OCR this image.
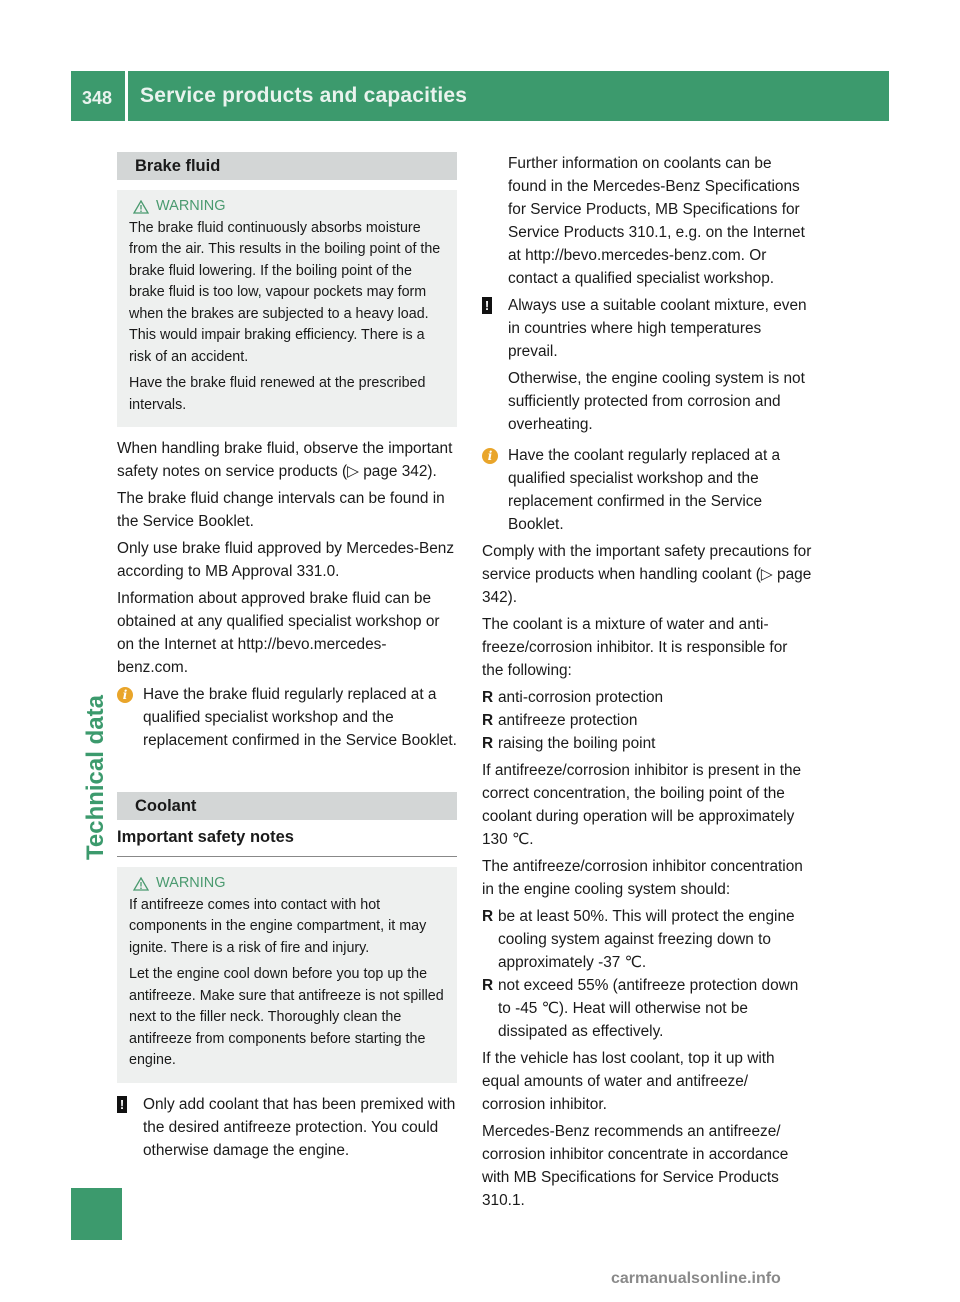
348 Service products and capacities
Technical data
Brake fluid
WARNING
The brake fluid continuously absorbs moisture from the air. This results in the boiling point of the brake fluid lowering. If the boiling point of the brake fluid is too low, vapour pockets may form when the brakes are subjected to a heavy load. This would impair braking efficiency. There is a risk of an accident.
Have the brake fluid renewed at the prescribed intervals.
When handling brake fluid, observe the important safety notes on service products (▷ page 342).
The brake fluid change intervals can be found in the Service Booklet.
Only use brake fluid approved by Mercedes-Benz according to MB Approval 331.0.
Information about approved brake fluid can be obtained at any qualified specialist workshop or on the Internet at http://bevo.mercedes-benz.com.
i	Have the brake fluid regularly replaced at a qualified specialist workshop and the replacement confirmed in the Service Booklet.
Coolant
Important safety notes
WARNING
If antifreeze comes into contact with hot components in the engine compartment, it may ignite. There is a risk of fire and injury.
Let the engine cool down before you top up the antifreeze. Make sure that antifreeze is not spilled next to the filler neck. Thoroughly clean the antifreeze from components before starting the engine.
!	Only add coolant that has been premixed with the desired antifreeze protection. You could otherwise damage the engine.
Further information on coolants can be found in the Mercedes-Benz Specifications for Service Products, MB Specifications for Service Products 310.1, e.g. on the Internet at http://bevo.mercedes-benz.com. Or contact a qualified specialist workshop.
!	Always use a suitable coolant mixture, even in countries where high temperatures prevail.
Otherwise, the engine cooling system is not sufficiently protected from corrosion and overheating.
i	Have the coolant regularly replaced at a qualified specialist workshop and the replacement confirmed in the Service Booklet.
Comply with the important safety precautions for service products when handling coolant (▷ page 342).
The coolant is a mixture of water and anti-freeze/corrosion inhibitor. It is responsible for the following:
R anti-corrosion protection
R antifreeze protection
R raising the boiling point
If antifreeze/corrosion inhibitor is present in the correct concentration, the boiling point of the coolant during operation will be approximately 130 ℃.
The antifreeze/corrosion inhibitor concentration in the engine cooling system should:
R be at least 50%. This will protect the engine cooling system against freezing down to approximately -37 ℃.
R not exceed 55% (antifreeze protection down to -45 ℃). Heat will otherwise not be dissipated as effectively.
If the vehicle has lost coolant, top it up with equal amounts of water and antifreeze/ corrosion inhibitor.
Mercedes-Benz recommends an antifreeze/ corrosion inhibitor concentrate in accordance with MB Specifications for Service Products 310.1.
carmanualsonline.info
